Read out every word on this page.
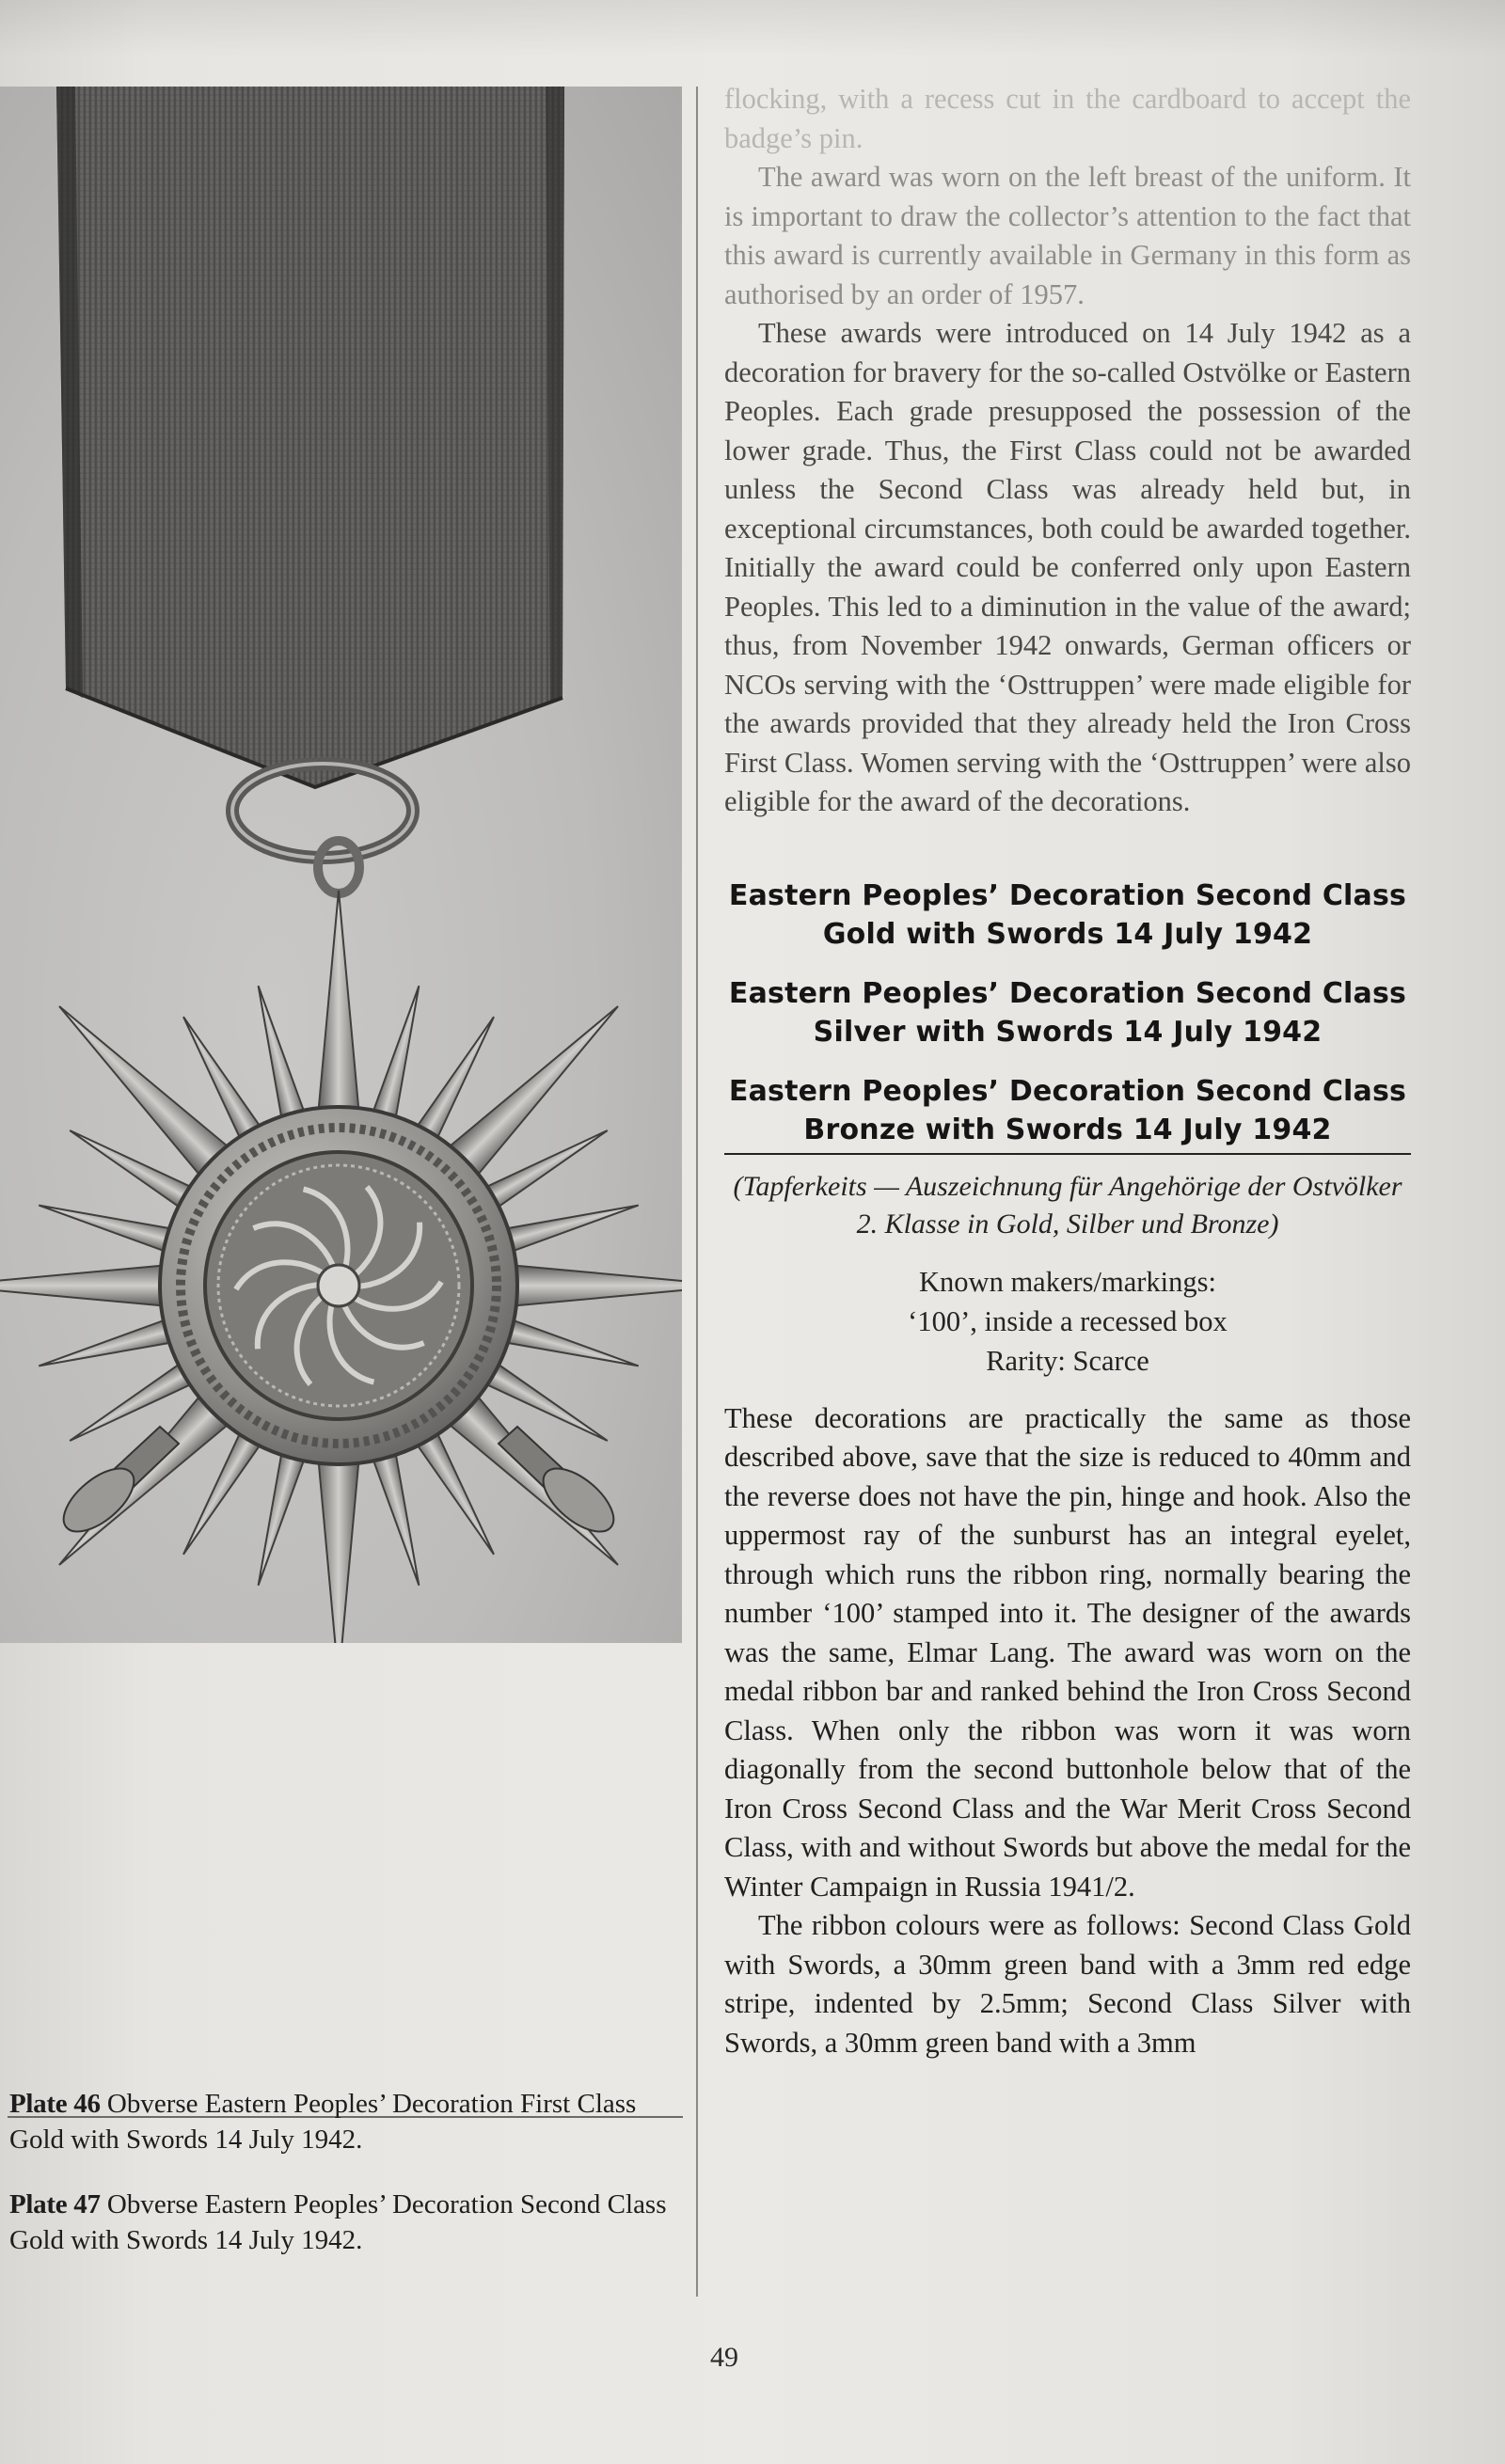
flocking, with a recess cut in the cardboard to accept the badge’s pin.

The award was worn on the left breast of the uniform. It is important to draw the collector’s attention to the fact that this award is currently available in Germany in this form as authorised by an order of 1957.

These awards were introduced on 14 July 1942 as a decoration for bravery for the so-called Ostvölke or Eastern Peoples. Each grade presupposed the possession of the lower grade. Thus, the First Class could not be awarded unless the Second Class was already held but, in exceptional circumstances, both could be awarded together. Initially the award could be conferred only upon Eastern Peoples. This led to a diminution in the value of the award; thus, from November 1942 onwards, German officers or NCOs serving with the ‘Osttruppen’ were made eligible for the awards provided that they already held the Iron Cross First Class. Women serving with the ‘Osttruppen’ were also eligible for the award of the decorations.

Eastern Peoples’ Decoration Second Class Gold with Swords 14 July 1942
Eastern Peoples’ Decoration Second Class Silver with Swords 14 July 1942
Eastern Peoples’ Decoration Second Class Bronze with Swords 14 July 1942
(Tapferkeits — Auszeichnung für Angehörige der Ostvölker 2. Klasse in Gold, Silber und Bronze)
Known makers/markings:
‘100’, inside a recessed box
Rarity: Scarce

These decorations are practically the same as those described above, save that the size is reduced to 40mm and the reverse does not have the pin, hinge and hook. Also the uppermost ray of the sunburst has an integral eyelet, through which runs the ribbon ring, normally bearing the number ‘100’ stamped into it. The designer of the awards was the same, Elmar Lang. The award was worn on the medal ribbon bar and ranked behind the Iron Cross Second Class. When only the ribbon was worn it was worn diagonally from the second buttonhole below that of the Iron Cross Second Class and the War Merit Cross Second Class, with and without Swords but above the medal for the Winter Campaign in Russia 1941/2.

The ribbon colours were as follows: Second Class Gold with Swords, a 30mm green band with a 3mm red edge stripe, indented by 2.5mm; Second Class Silver with Swords, a 30mm green band with a 3mm

Plate 46 Obverse Eastern Peoples’ Decoration First Class Gold with Swords 14 July 1942.
Plate 47 Obverse Eastern Peoples’ Decoration Second Class Gold with Swords 14 July 1942.
49
